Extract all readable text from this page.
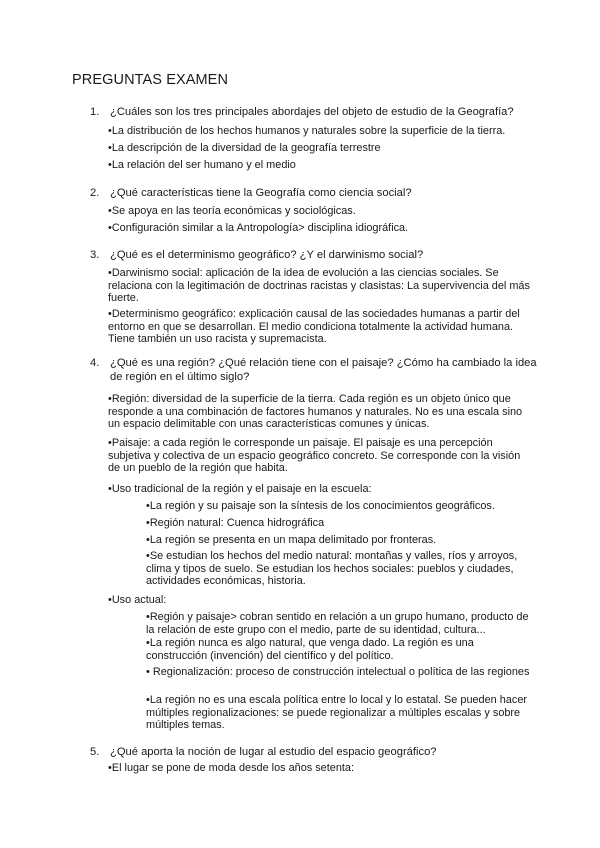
PREGUNTAS EXAMEN
1. ¿Cuáles son los tres principales abordajes del objeto de estudio de la Geografía?
•La distribución de los hechos humanos y naturales sobre la superficie de la tierra.
•La descripción de la diversidad de la geografía terrestre
•La relación del ser humano y el medio
2. ¿Qué características tiene la Geografía como ciencia social?
•Se apoya en las teoría económicas y sociológicas.
•Configuración similar a la Antropología> disciplina idiográfica.
3. ¿Qué es el determinismo geográfico? ¿Y el darwinismo social?
•Darwinismo social: aplicación de la idea de evolución a las ciencias sociales. Se relaciona con la legitimación de doctrinas racistas y clasistas: La supervivencia del más fuerte.
•Determinismo geográfico: explicación causal de las sociedades humanas a partir del entorno en que se desarrollan. El medio condiciona totalmente la actividad humana. Tiene también un uso racista y supremacista.
4. ¿Qué es una región? ¿Qué relación tiene con el paisaje? ¿Cómo ha cambiado la idea de región en el último siglo?
•Región: diversidad de la superficie de la tierra. Cada región es un objeto único que responde a una combinación de factores humanos y naturales. No es una escala sino un espacio delimitable con unas características comunes y únicas.
•Paisaje: a cada región le corresponde un paisaje. El paisaje es una percepción subjetiva y colectiva de un espacio geográfico concreto. Se corresponde con la visión de un pueblo de la región que habita.
•Uso tradicional de la región y el paisaje en la escuela:
•La región y su paisaje son la síntesis de los conocimientos geográficos.
•Región natural: Cuenca hidrográfica
•La región se presenta en un mapa delimitado por fronteras.
•Se estudian los hechos del medio natural: montañas y valles, ríos y arroyos, clima y tipos de suelo. Se estudian los hechos sociales: pueblos y ciudades, actividades económicas, historia.
•Uso actual:
•Región y paisaje> cobran sentido en relación a un grupo humano, producto de la relación de este grupo con el medio, parte de su identidad, cultura...
•La región nunca es algo natural, que venga dado. La región es una construcción (invención) del científico y del político.
• Regionalización: proceso de construcción intelectual o política de las regiones
•La región no es una escala política entre lo local y lo estatal. Se pueden hacer múltiples regionalizaciones: se puede regionalizar a múltiples escalas y sobre múltiples temas.
5. ¿Qué aporta la noción de lugar al estudio del espacio geográfico?
•El lugar se pone de moda desde los años setenta:
